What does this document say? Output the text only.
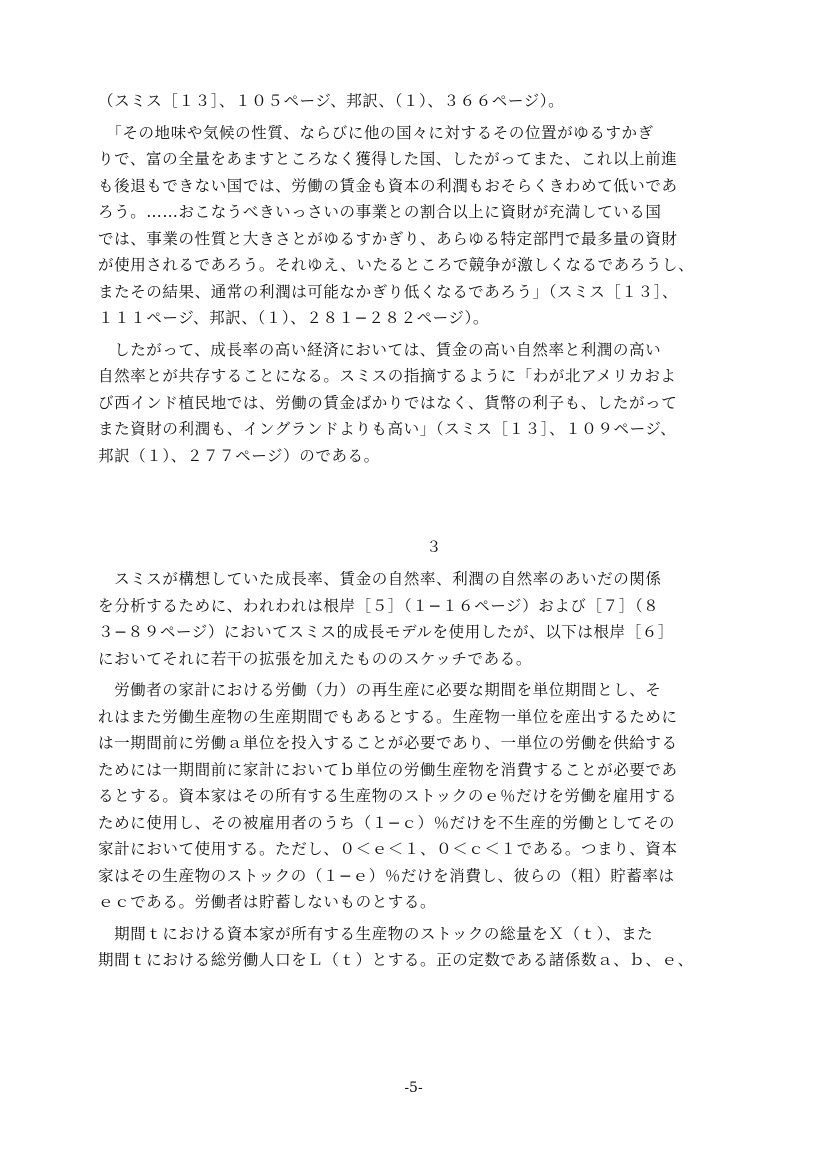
（スミス［１３］、１０５ページ、邦訳、（１）、３６６ページ）。
　「その地味や気候の性質、ならびに他の国々に対するその位置がゆるすかぎ
りで、富の全量をあますところなく獲得した国、したがってまた、これ以上前進
も後退もできない国では、労働の賃金も資本の利潤もおそらくきわめて低いであ
ろう。……おこなうべきいっさいの事業との割合以上に資財が充満している国
では、事業の性質と大きさとがゆるすかぎり、あらゆる特定部門で最多量の資財
が使用されるであろう。それゆえ、いたるところで競争が激しくなるであろうし、
またその結果、通常の利潤は可能なかぎり低くなるであろう」（スミス［１３］、
１１１ページ、邦訳、（１）、２８１−２８２ページ）。
　したがって、成長率の高い経済においては、賃金の高い自然率と利潤の高い
自然率とが共存することになる。スミスの指摘するように「わが北アメリカおよ
び西インド植民地では、労働の賃金ばかりではなく、貨幣の利子も、したがって
また資財の利潤も、イングランドよりも高い」（スミス［１３］、１０９ページ、
邦訳（１）、２７７ページ）のである。
３
　スミスが構想していた成長率、賃金の自然率、利潤の自然率のあいだの関係
を分析するために、われわれは根岸［５］（１−１６ページ）および［７］（８
３−８９ページ）においてスミス的成長モデルを使用したが、以下は根岸［６］
においてそれに若干の拡張を加えたもののスケッチである。
　労働者の家計における労働（力）の再生産に必要な期間を単位期間とし、そ
れはまた労働生産物の生産期間でもあるとする。生産物一単位を産出するために
は一期間前に労働ａ単位を投入することが必要であり、一単位の労働を供給する
ためには一期間前に家計においてｂ単位の労働生産物を消費することが必要であ
るとする。資本家はその所有する生産物のストックのｅ％だけを労働を雇用する
ために使用し、その被雇用者のうち（１−ｃ）％だけを不生産的労働としてその
家計において使用する。ただし、０＜ｅ＜１、０＜ｃ＜１である。つまり、資本
家はその生産物のストックの（１−ｅ）％だけを消費し、彼らの（粗）貯蓄率は
ｅｃである。労働者は貯蓄しないものとする。
　期間ｔにおける資本家が所有する生産物のストックの総量をＸ（ｔ）、また
期間ｔにおける総労働人口をＬ（ｔ）とする。正の定数である諸係数ａ、ｂ、ｅ、
-5-
